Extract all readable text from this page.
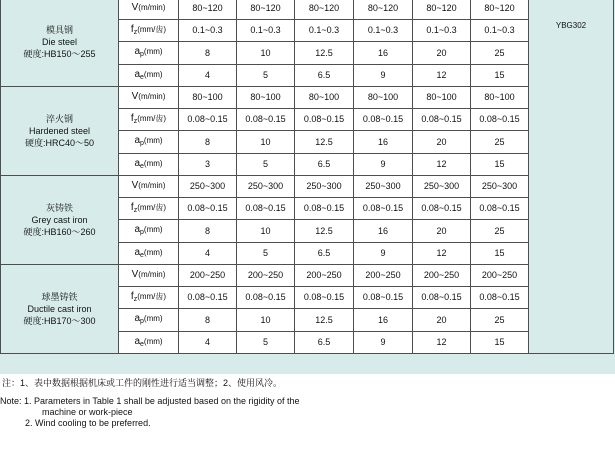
模具钢
Die steel
硬度:HB150～255	V(m/min)	80~120	80~120	80~120	80~120	80~120	80~120	YBG302
	$f_z(mm/$齿)	0.1~0.3	0.1~0.3	0.1~0.3	0.1~0.3	0.1~0.3	0.1~0.3	
	$a_p(mm)$	8	10	12.5	16	20	25	
	$a_e(mm)$	4	5	6.5	9	12	15	

淬火钢
Hardened steel
硬度:HRC40～50	V(m/min)	80~100	80~100	80~100	80~100	80~100	80~100	
	$f_z(mm/$齿)	0.08~0.15	0.08~0.15	0.08~0.15	0.08~0.15	0.08~0.15	0.08~0.15	
	$a_p(mm)$	8	10	12.5	16	20	25	
	$a_e(mm)$	3	5	6.5	9	12	15	

灰铸铁
Grey cast iron
硬度:HB160～260	V(m/min)	250~300	250~300	250~300	250~300	250~300	250~300	
	$f_z(mm/$齿)	0.08~0.15	0.08~0.15	0.08~0.15	0.08~0.15	0.08~0.15	0.08~0.15	
	$a_p(mm)$	8	10	12.5	16	20	25	
	$a_e(mm)$	4	5	6.5	9	12	15	

球墨铸铁
Ductile cast iron
硬度:HB170～300	V(m/min)	200~250	200~250	200~250	200~250	200~250	200~250	
	$f_z(mm/$齿)	0.08~0.15	0.08~0.15	0.08~0.15	0.08~0.15	0.08~0.15	0.08~0.15	
	$a_p(mm)$	8	10	12.5	16	20	25	
	$a_e(mm)$	4	5	6.5	9	12	15	

注：1、表中数据根据机床或工件的刚性进行适当调整；2、使用风冷。

Note: 1. Parameters in Table 1 shall be adjusted based on the rigidity of the

machine or work-piece

2. Wind cooling to be preferred.
